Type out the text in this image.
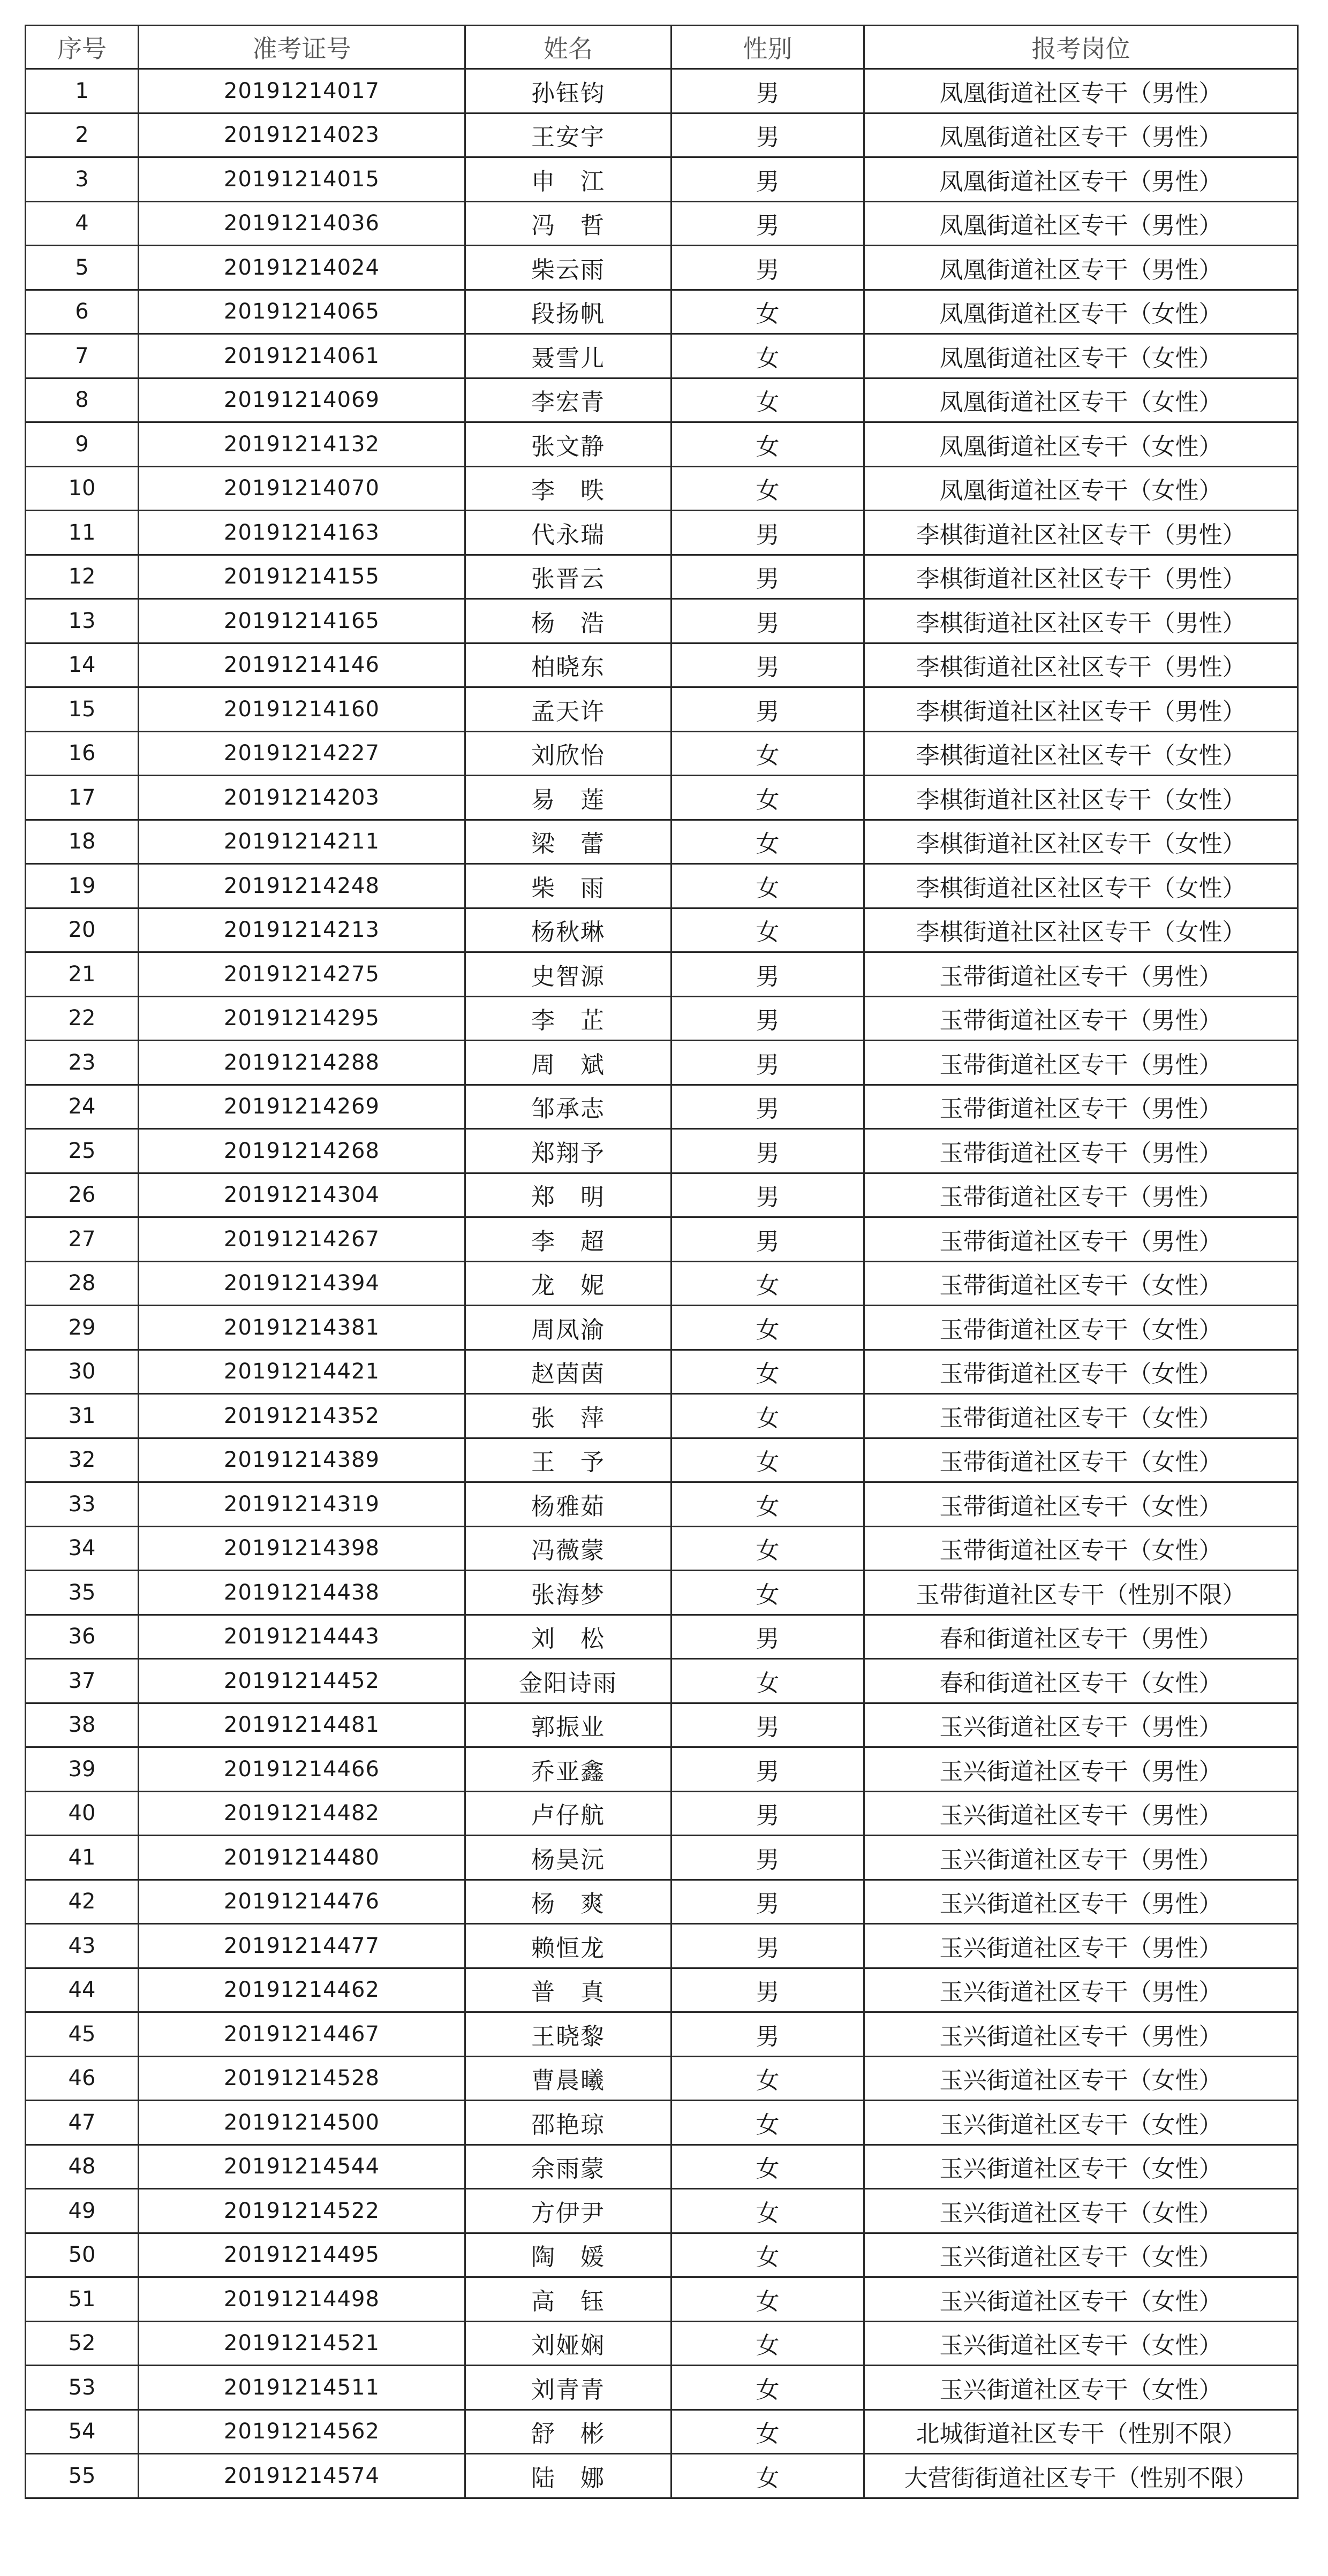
序号	准考证号	姓名	性别	报考岗位
1	20191214017	孙钰钧	男	凤凰街道社区专干（男性）
2	20191214023	王安宇	男	凤凰街道社区专干（男性）
3	20191214015	申　江	男	凤凰街道社区专干（男性）
4	20191214036	冯　哲	男	凤凰街道社区专干（男性）
5	20191214024	柴云雨	男	凤凰街道社区专干（男性）
6	20191214065	段扬帆	女	凤凰街道社区专干（女性）
7	20191214061	聂雪儿	女	凤凰街道社区专干（女性）
8	20191214069	李宏青	女	凤凰街道社区专干（女性）
9	20191214132	张文静	女	凤凰街道社区专干（女性）
10	20191214070	李　昳	女	凤凰街道社区专干（女性）
11	20191214163	代永瑞	男	李棋街道社区社区专干（男性）
12	20191214155	张晋云	男	李棋街道社区社区专干（男性）
13	20191214165	杨　浩	男	李棋街道社区社区专干（男性）
14	20191214146	柏晓东	男	李棋街道社区社区专干（男性）
15	20191214160	孟天许	男	李棋街道社区社区专干（男性）
16	20191214227	刘欣怡	女	李棋街道社区社区专干（女性）
17	20191214203	易　莲	女	李棋街道社区社区专干（女性）
18	20191214211	梁　蕾	女	李棋街道社区社区专干（女性）
19	20191214248	柴　雨	女	李棋街道社区社区专干（女性）
20	20191214213	杨秋琳	女	李棋街道社区社区专干（女性）
21	20191214275	史智源	男	玉带街道社区专干（男性）
22	20191214295	李　芷	男	玉带街道社区专干（男性）
23	20191214288	周　斌	男	玉带街道社区专干（男性）
24	20191214269	邹承志	男	玉带街道社区专干（男性）
25	20191214268	郑翔予	男	玉带街道社区专干（男性）
26	20191214304	郑　明	男	玉带街道社区专干（男性）
27	20191214267	李　超	男	玉带街道社区专干（男性）
28	20191214394	龙　妮	女	玉带街道社区专干（女性）
29	20191214381	周凤渝	女	玉带街道社区专干（女性）
30	20191214421	赵茵茵	女	玉带街道社区专干（女性）
31	20191214352	张　萍	女	玉带街道社区专干（女性）
32	20191214389	王　予	女	玉带街道社区专干（女性）
33	20191214319	杨雅茹	女	玉带街道社区专干（女性）
34	20191214398	冯薇蒙	女	玉带街道社区专干（女性）
35	20191214438	张海梦	女	玉带街道社区专干（性别不限）
36	20191214443	刘　松	男	春和街道社区专干（男性）
37	20191214452	金阳诗雨	女	春和街道社区专干（女性）
38	20191214481	郭振业	男	玉兴街道社区专干（男性）
39	20191214466	乔亚鑫	男	玉兴街道社区专干（男性）
40	20191214482	卢仔航	男	玉兴街道社区专干（男性）
41	20191214480	杨昊沅	男	玉兴街道社区专干（男性）
42	20191214476	杨　爽	男	玉兴街道社区专干（男性）
43	20191214477	赖恒龙	男	玉兴街道社区专干（男性）
44	20191214462	普　真	男	玉兴街道社区专干（男性）
45	20191214467	王晓黎	男	玉兴街道社区专干（男性）
46	20191214528	曹晨曦	女	玉兴街道社区专干（女性）
47	20191214500	邵艳琼	女	玉兴街道社区专干（女性）
48	20191214544	余雨蒙	女	玉兴街道社区专干（女性）
49	20191214522	方伊尹	女	玉兴街道社区专干（女性）
50	20191214495	陶　媛	女	玉兴街道社区专干（女性）
51	20191214498	高　钰	女	玉兴街道社区专干（女性）
52	20191214521	刘娅娴	女	玉兴街道社区专干（女性）
53	20191214511	刘青青	女	玉兴街道社区专干（女性）
54	20191214562	舒　彬	女	北城街道社区专干（性别不限）
55	20191214574	陆　娜	女	大营街街道社区专干（性别不限）
